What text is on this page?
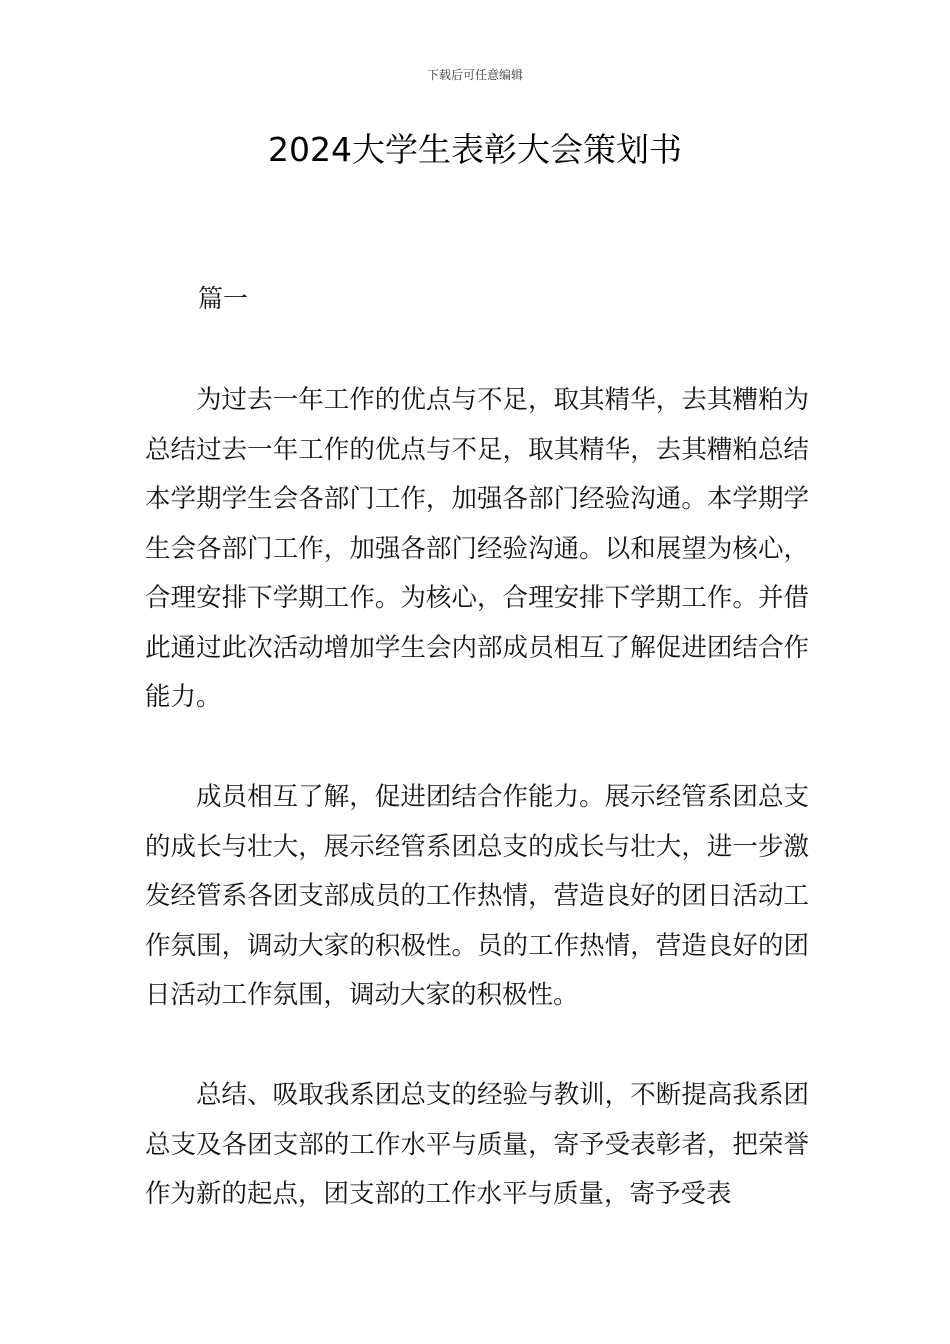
下载后可任意编辑
2024大学生表彰大会策划书
篇一

为过去一年工作的优点与不足，取其精华，去其糟粕为总结过去一年工作的优点与不足，取其精华，去其糟粕总结本学期学生会各部门工作，加强各部门经验沟通。本学期学生会各部门工作，加强各部门经验沟通。以和展望为核心，合理安排下学期工作。为核心，合理安排下学期工作。并借此通过此次活动增加学生会内部成员相互了解促进团结合作能力。

成员相互了解，促进团结合作能力。展示经管系团总支的成长与壮大，展示经管系团总支的成长与壮大，进一步激发经管系各团支部成员的工作热情，营造良好的团日活动工作氛围，调动大家的积极性。员的工作热情，营造良好的团日活动工作氛围，调动大家的积极性。

总结、吸取我系团总支的经验与教训，不断提高我系团总支及各团支部的工作水平与质量，寄予受表彰者，把荣誉作为新的起点，团支部的工作水平与质量，寄予受表
